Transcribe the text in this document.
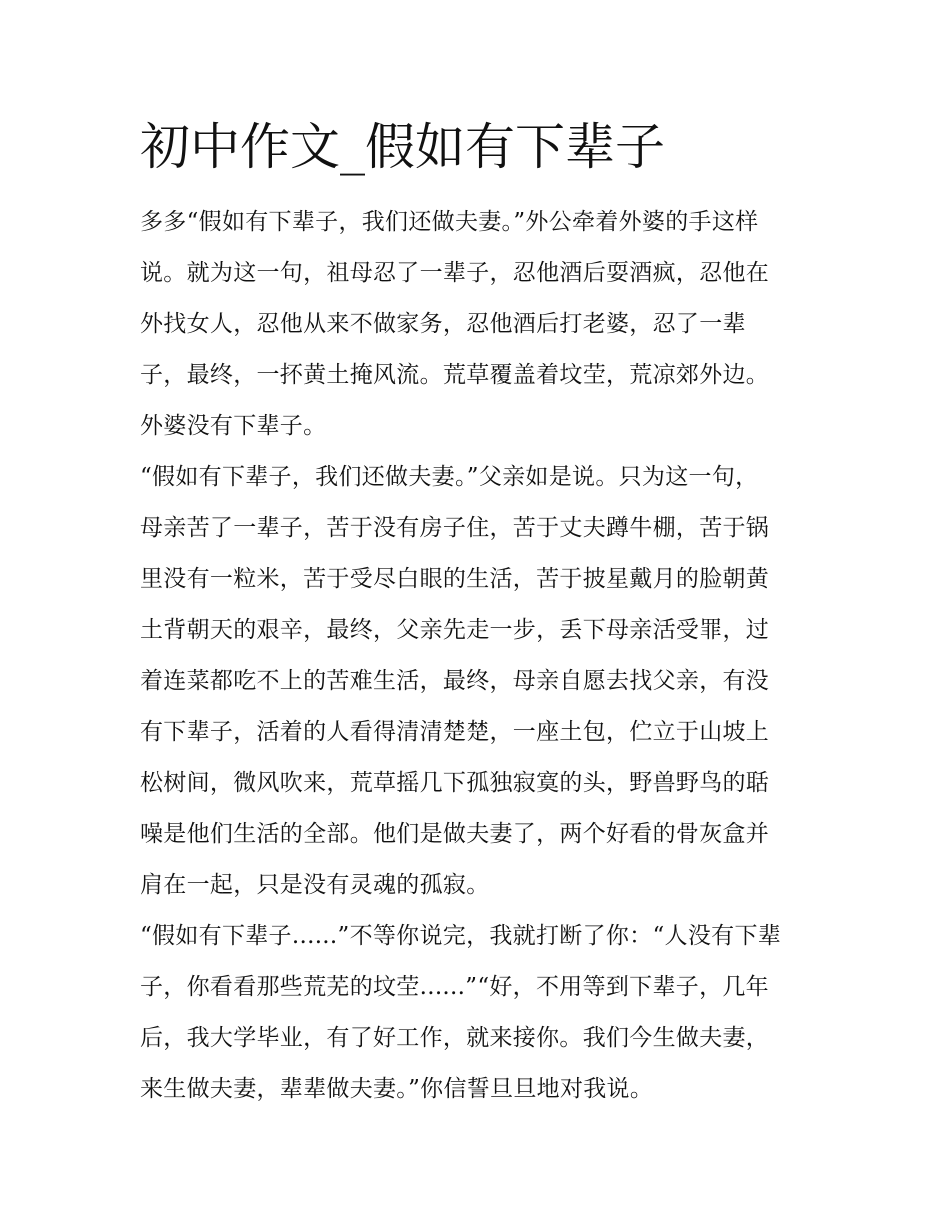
初中作文_假如有下辈子
多多“假如有下辈子，我们还做夫妻。”外公牵着外婆的手这样
说。就为这一句，祖母忍了一辈子，忍他酒后耍酒疯，忍他在
外找女人，忍他从来不做家务，忍他酒后打老婆，忍了一辈
子，最终，一抔黄土掩风流。荒草覆盖着坟茔，荒凉郊外边。
外婆没有下辈子。
“假如有下辈子，我们还做夫妻。”父亲如是说。只为这一句，
母亲苦了一辈子，苦于没有房子住，苦于丈夫蹲牛棚，苦于锅
里没有一粒米，苦于受尽白眼的生活，苦于披星戴月的脸朝黄
土背朝天的艰辛，最终，父亲先走一步，丢下母亲活受罪，过
着连菜都吃不上的苦难生活，最终，母亲自愿去找父亲，有没
有下辈子，活着的人看得清清楚楚，一座土包，伫立于山坡上
松树间，微风吹来，荒草摇几下孤独寂寞的头，野兽野鸟的聒
噪是他们生活的全部。他们是做夫妻了，两个好看的骨灰盒并
肩在一起，只是没有灵魂的孤寂。
“假如有下辈子......”不等你说完，我就打断了你：“人没有下辈
子，你看看那些荒芜的坟茔......”“好，不用等到下辈子，几年
后，我大学毕业，有了好工作，就来接你。我们今生做夫妻，
来生做夫妻，辈辈做夫妻。”你信誓旦旦地对我说。
